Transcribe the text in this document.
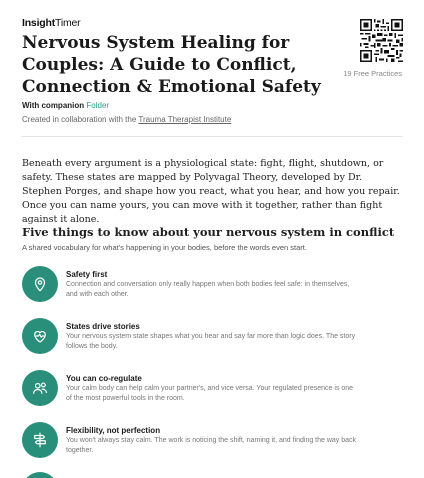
InsightTimer
19 Free Practices
Nervous System Healing for Couples: A Guide to Conflict, Connection & Emotional Safety
With companion Folder
Created in collaboration with the Trauma Therapist Institute

Beneath every argument is a physiological state: fight, flight, shutdown, or safety. These states are mapped by Polyvagal Theory, developed by Dr. Stephen Porges, and shape how you react, what you hear, and how you repair. Once you can name yours, you can move with it together, rather than fight against it alone.

Five things to know about your nervous system in conflict
A shared vocabulary for what's happening in your bodies, before the words even start.
Safety first
Connection and conversation only really happen when both bodies feel safe: in themselves, and with each other.
States drive stories
Your nervous system state shapes what you hear and say far more than logic does. The story follows the body.
You can co-regulate
Your calm body can help calm your partner's, and vice versa. Your regulated presence is one of the most powerful tools in the room.
Flexibility, not perfection
You won't always stay calm. The work is noticing the shift, naming it, and finding the way back together.
